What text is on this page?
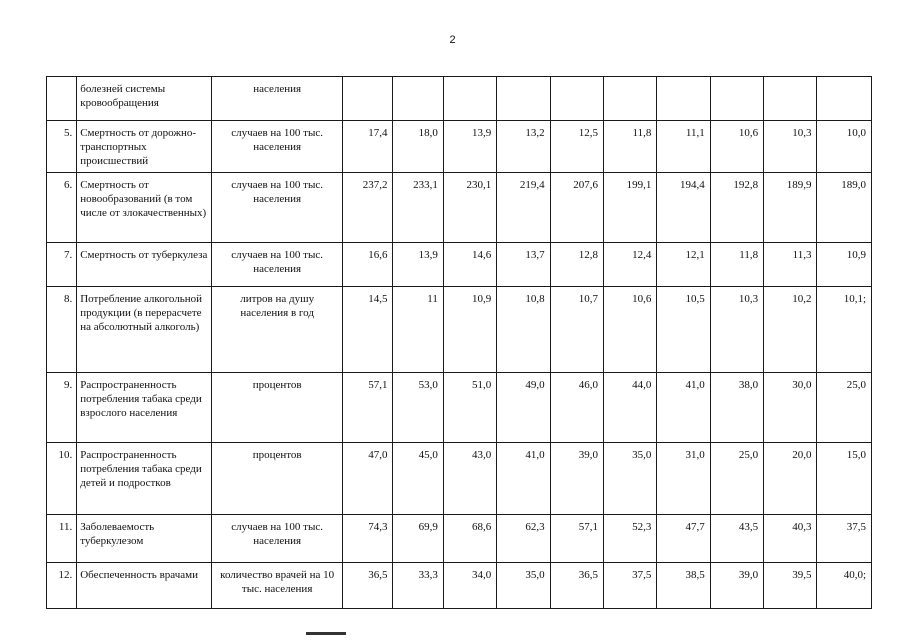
2
	болезней системы кровообращения	населения										
5.	Смертность от дорожно-транспортных происшествий	случаев на 100 тыс. населения	17,4	18,0	13,9	13,2	12,5	11,8	11,1	10,6	10,3	10,0
6.	Смертность от новообразований (в том числе от злокачественных)	случаев на 100 тыс. населения	237,2	233,1	230,1	219,4	207,6	199,1	194,4	192,8	189,9	189,0
7.	Смертность от туберкулеза	случаев на 100 тыс. населения	16,6	13,9	14,6	13,7	12,8	12,4	12,1	11,8	11,3	10,9
8.	Потребление алкогольной продукции (в перерасчете на абсолютный алкоголь)	литров на душу населения в год	14,5	11	10,9	10,8	10,7	10,6	10,5	10,3	10,2	10,1;
9.	Распространенность потребления табака среди взрослого населения	процентов	57,1	53,0	51,0	49,0	46,0	44,0	41,0	38,0	30,0	25,0
10.	Распространенность потребления табака среди детей и подростков	процентов	47,0	45,0	43,0	41,0	39,0	35,0	31,0	25,0	20,0	15,0
11.	Заболеваемость туберкулезом	случаев на 100 тыс. населения	74,3	69,9	68,6	62,3	57,1	52,3	47,7	43,5	40,3	37,5
12.	Обеспеченность врачами	количество врачей на 10 тыс. населения	36,5	33,3	34,0	35,0	36,5	37,5	38,5	39,0	39,5	40,0;
